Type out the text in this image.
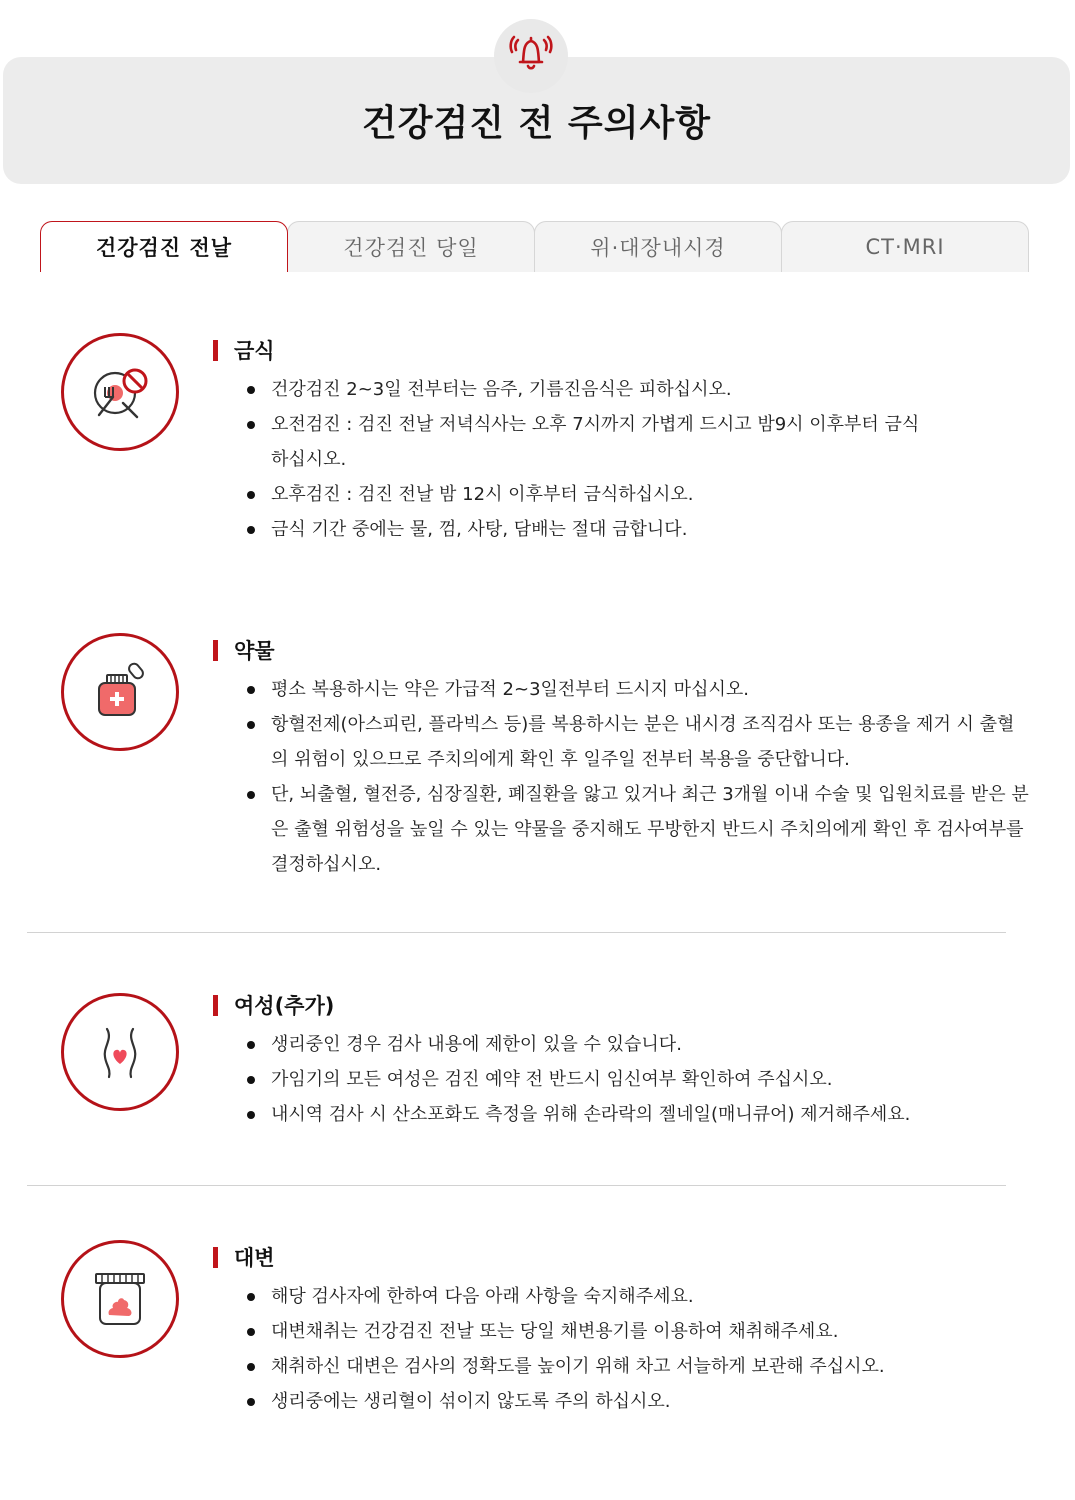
건강검진 전 주의사항
건강검진 전날	건강검진 당일	위·대장내시경	CT·MRI
금식
건강검진 2~3일 전부터는 음주, 기름진음식은 피하십시오.
오전검진 : 검진 전날 저녁식사는 오후 7시까지 가볍게 드시고 밤9시 이후부터 금식하십시오.
오후검진 : 검진 전날 밤 12시 이후부터 금식하십시오.
금식 기간 중에는 물, 껌, 사탕, 담배는 절대 금합니다.
약물
평소 복용하시는 약은 가급적 2~3일전부터 드시지 마십시오.
항혈전제(아스피린, 플라빅스 등)를 복용하시는 분은 내시경 조직검사 또는 용종을 제거 시 출혈의 위험이 있으므로 주치의에게 확인 후 일주일 전부터 복용을 중단합니다.
단, 뇌출혈, 혈전증, 심장질환, 폐질환을 앓고 있거나 최근 3개월 이내 수술 및 입원치료를 받은 분은 출혈 위험성을 높일 수 있는 약물을 중지해도 무방한지 반드시 주치의에게 확인 후 검사여부를 결정하십시오.
여성(추가)
생리중인 경우 검사 내용에 제한이 있을 수 있습니다.
가임기의 모든 여성은 검진 예약 전 반드시 임신여부 확인하여 주십시오.
내시역 검사 시 산소포화도 측정을 위해 손라락의 젤네일(매니큐어) 제거해주세요.
대변
해당 검사자에 한하여 다음 아래 사항을 숙지해주세요.
대변채취는 건강검진 전날 또는 당일 채변용기를 이용하여 채취해주세요.
채취하신 대변은 검사의 정확도를 높이기 위해 차고 서늘하게 보관해 주십시오.
생리중에는 생리혈이 섞이지 않도록 주의 하십시오.
